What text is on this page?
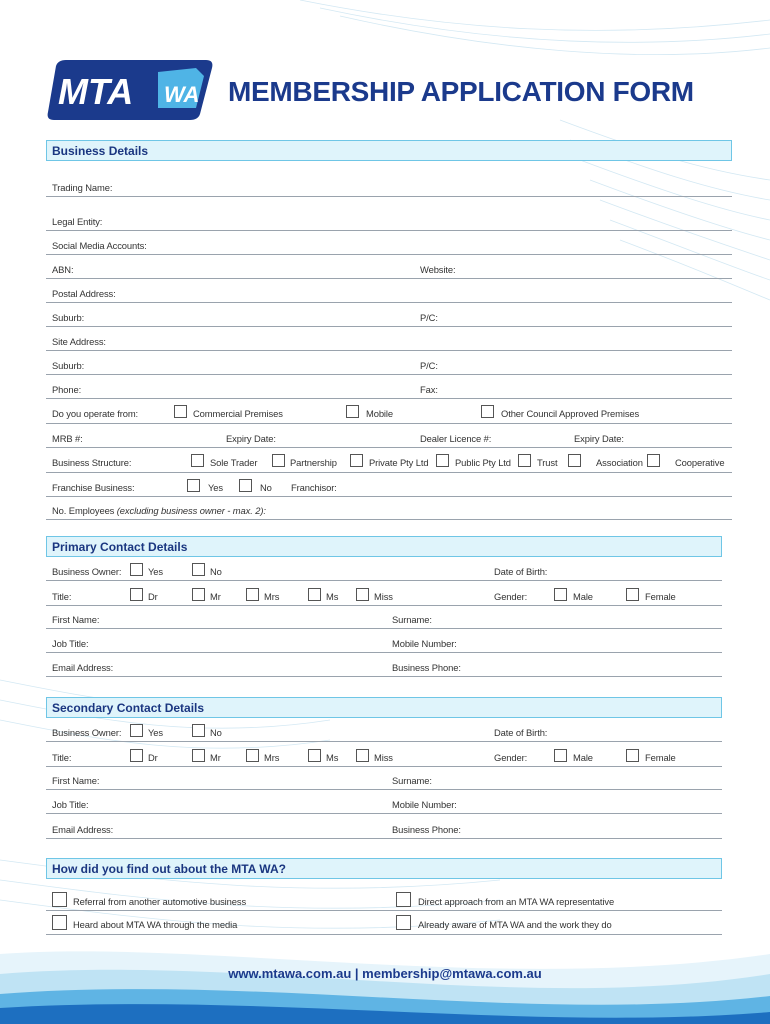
MTA WA MEMBERSHIP APPLICATION FORM
Business Details
Trading Name:
Legal Entity:
Social Media Accounts:
ABN:	Website:
Postal Address:
Suburb:	P/C:
Site Address:
Suburb:	P/C:
Phone:	Fax:
Do you operate from:	Commercial Premises	Mobile	Other Council Approved Premises
MRB #:	Expiry Date:	Dealer Licence #:	Expiry Date:
Business Structure:	Sole Trader	Partnership	Private Pty Ltd	Public Pty Ltd	Trust	Association	Cooperative
Franchise Business:	Yes	No Franchisor:
No. Employees (excluding business owner - max. 2):
Primary Contact Details
Business Owner:	Yes	No	Date of Birth:
Title:	Dr	Mr	Mrs	Ms	Miss	Gender:	Male	Female
First Name:	Surname:
Job Title:	Mobile Number:
Email Address:	Business Phone:
Secondary Contact Details
Business Owner:	Yes	No	Date of Birth:
Title:	Dr	Mr	Mrs	Ms	Miss	Gender:	Male	Female
First Name:	Surname:
Job Title:	Mobile Number:
Email Address:	Business Phone:
How did you find out about the MTA WA?
Referral from another automotive business	Direct approach from an MTA WA representative
Heard about MTA WA through the media	Already aware of MTA WA and the work they do
www.mtawa.com.au | membership@mtawa.com.au
